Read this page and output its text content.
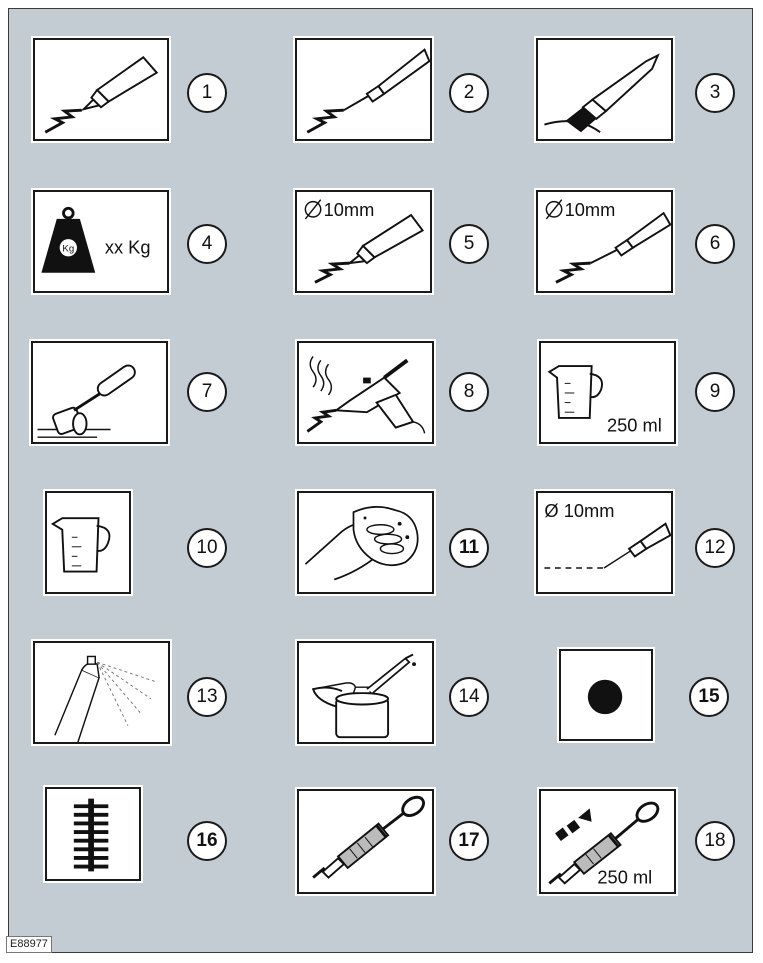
1	2	3
Kg xx Kg	4
10mm
5
10mm
6
7	8
250 ml
9
10	11
Ø 10mm
12
13	14	15
16	17
250 ml
18
E88977
